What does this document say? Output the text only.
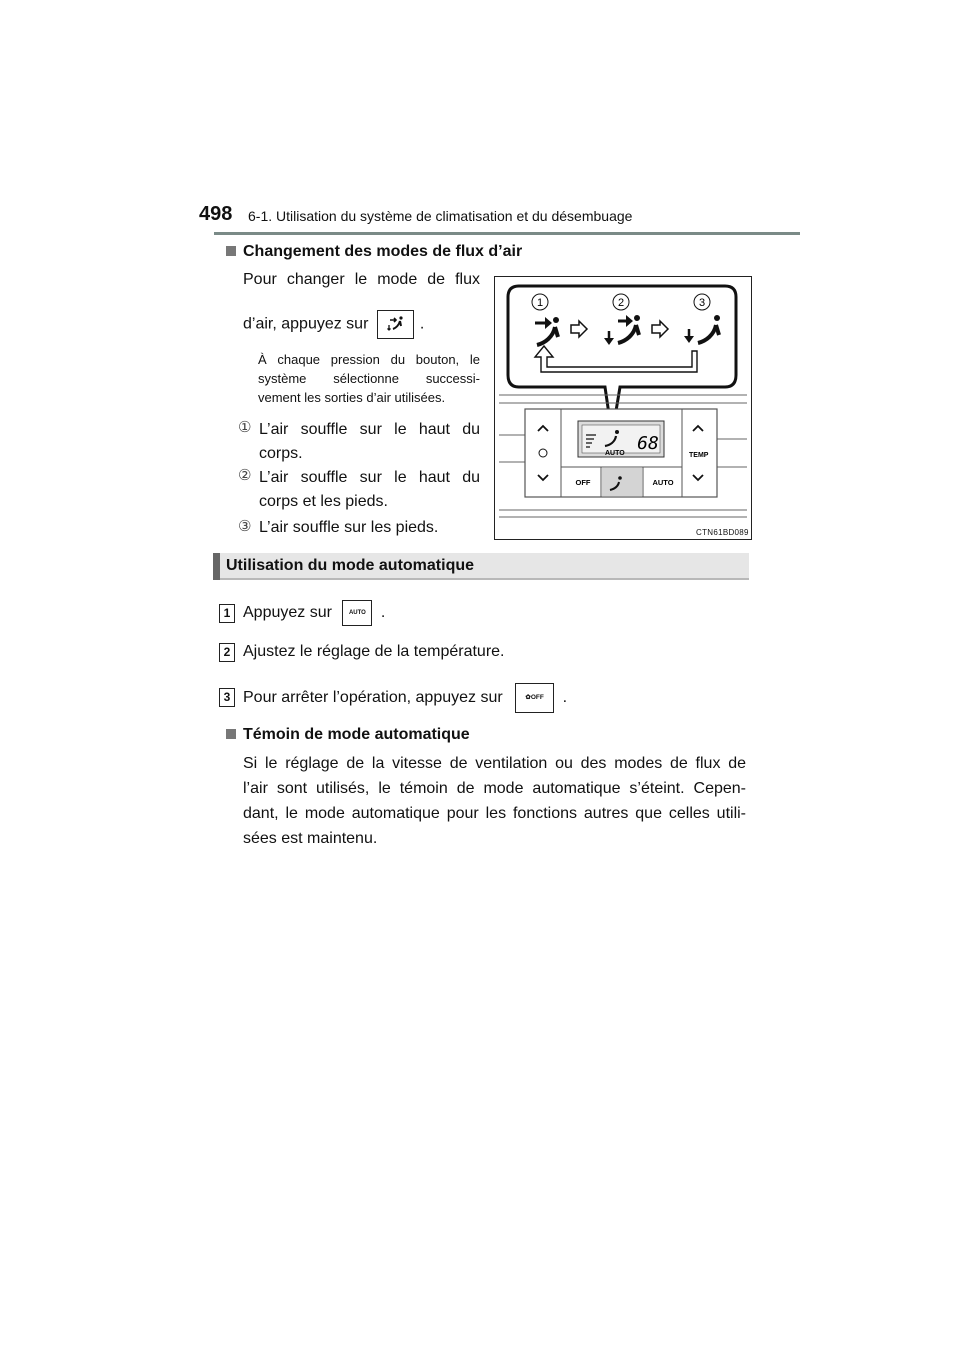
498 6-1. Utilisation du système de climatisation et du désembuage
Changement des modes de flux d’air
Pour changer le mode de flux
d’air, appuyez sur	.
À chaque pression du bouton, le
système sélectionne successi-
vement les sorties d’air utilisées.
① L’air souffle sur le haut du
corps.
② L’air souffle sur le haut du
corps et les pieds.
③ L’air souffle sur les pieds.
1	2	3
TEMP
68
AUTO
OFF	AUTO
CTN61BD089
Utilisation du mode automatique
1 Appuyez sur	AUTO .
2 Ajustez le réglage de la température.
3 Pour arrêter l’opération, appuyez sur	✿OFF .
Témoin de mode automatique
Si le réglage de la vitesse de ventilation ou des modes de flux de
l’air sont utilisés, le témoin de mode automatique s’éteint. Cepen-
dant, le mode automatique pour les fonctions autres que celles utili-
sées est maintenu.
